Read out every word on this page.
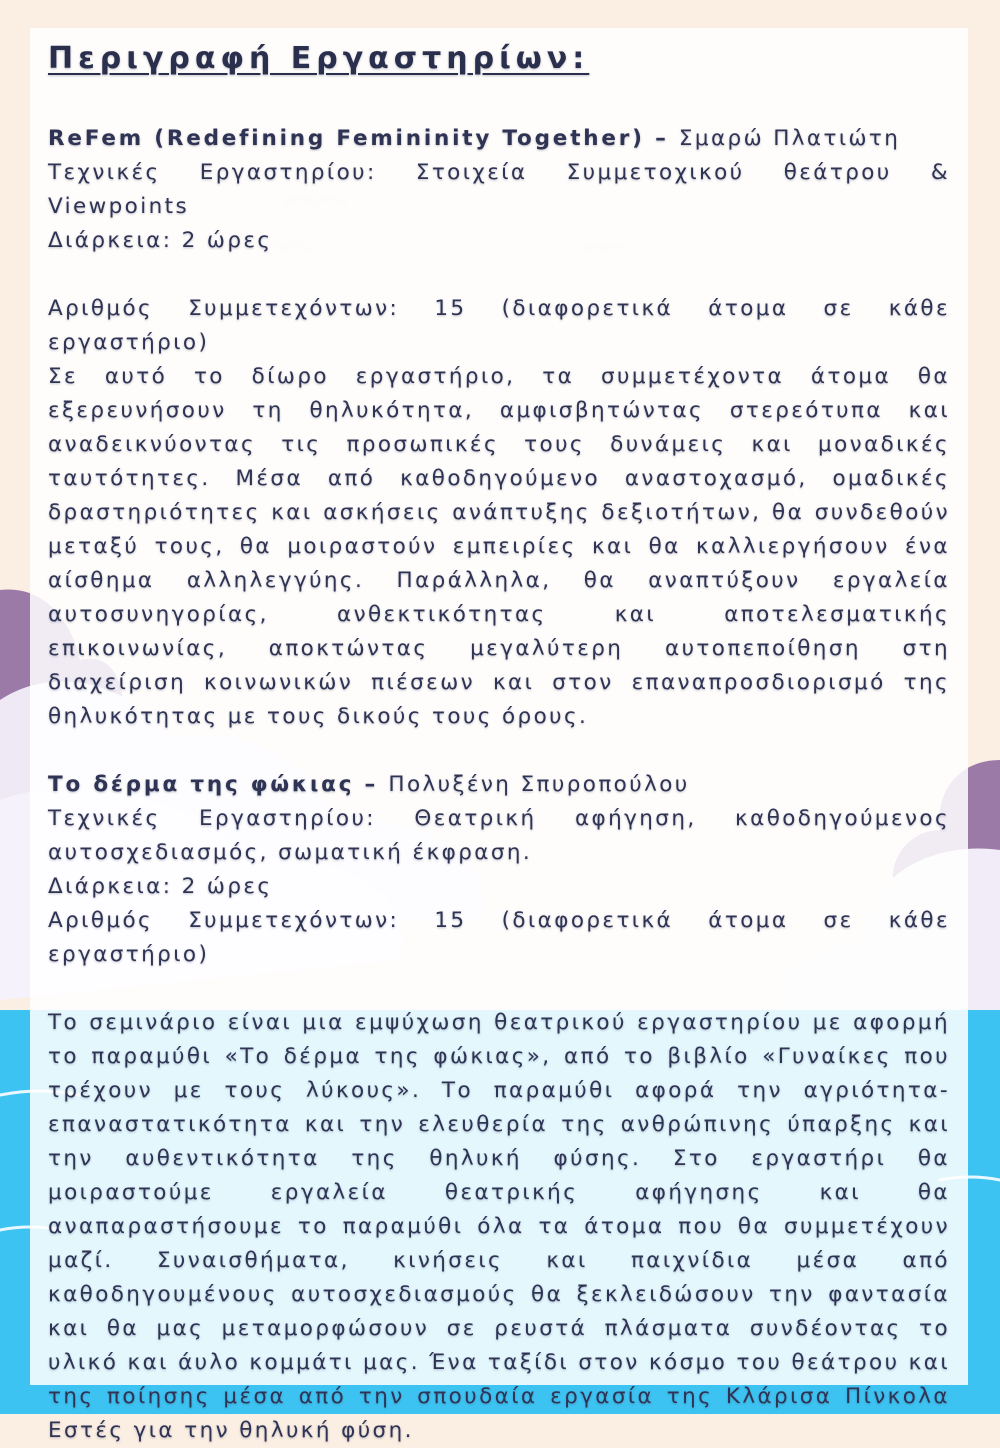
Περιγραφή Εργαστηρίων:

ReFem (Redefining Femininity Together) – Σμαρώ Πλατιώτη

Τεχνικές Εργαστηρίου: Στοιχεία Συμμετοχικού θεάτρου &

Viewpoints

Διάρκεια: 2 ώρες

Αριθμός Συμμετεχόντων: 15 (διαφορετικά άτομα σε κάθε εργαστήριο)

Σε αυτό το δίωρο εργαστήριο, τα συμμετέχοντα άτομα θα εξερευνήσουν τη θηλυκότητα, αμφισβητώντας στερεότυπα και αναδεικνύοντας τις προσωπικές τους δυνάμεις και μοναδικές ταυτότητες. Μέσα από καθοδηγούμενο αναστοχασμό, ομαδικές δραστηριότητες και ασκήσεις ανάπτυξης δεξιοτήτων, θα συνδεθούν μεταξύ τους, θα μοιραστούν εμπειρίες και θα καλλιεργήσουν ένα αίσθημα αλληλεγγύης. Παράλληλα, θα αναπτύξουν εργαλεία αυτοσυνηγορίας, ανθεκτικότητας και αποτελεσματικής επικοινωνίας, αποκτώντας μεγαλύτερη αυτοπεποίθηση στη διαχείριση κοινωνικών πιέσεων και στον επαναπροσδιορισμό της θηλυκότητας με τους δικούς τους όρους.

Το δέρμα της φώκιας – Πολυξένη Σπυροπούλου

Τεχνικές Εργαστηρίου: Θεατρική αφήγηση, καθοδηγούμενος

αυτοσχεδιασμός, σωματική έκφραση.

Διάρκεια: 2 ώρες

Αριθμός Συμμετεχόντων: 15 (διαφορετικά άτομα σε κάθε εργαστήριο)

Το σεμινάριο είναι μια εμψύχωση θεατρικού εργαστηρίου με αφορμή το παραμύθι «Το δέρμα της φώκιας», από το βιβλίο «Γυναίκες που τρέχουν με τους λύκους». Το παραμύθι αφορά την αγριότητα-επαναστατικότητα και την ελευθερία της ανθρώπινης ύπαρξης και την αυθεντικότητα της θηλυκή φύσης. Στο εργαστήρι θα μοιραστούμε εργαλεία θεατρικής αφήγησης και θα αναπαραστήσουμε το παραμύθι όλα τα άτομα που θα συμμετέχουν μαζί. Συναισθήματα, κινήσεις και παιχνίδια μέσα από καθοδηγουμένους αυτοσχεδιασμούς θα ξεκλειδώσουν την φαντασία και θα μας μεταμορφώσουν σε ρευστά πλάσματα συνδέοντας το υλικό και άυλο κομμάτι μας. Ένα ταξίδι στον κόσμο του θεάτρου και της ποίησης μέσα από την σπουδαία εργασία της Κλάρισα Πίνκολα Εστές για την θηλυκή φύση.
